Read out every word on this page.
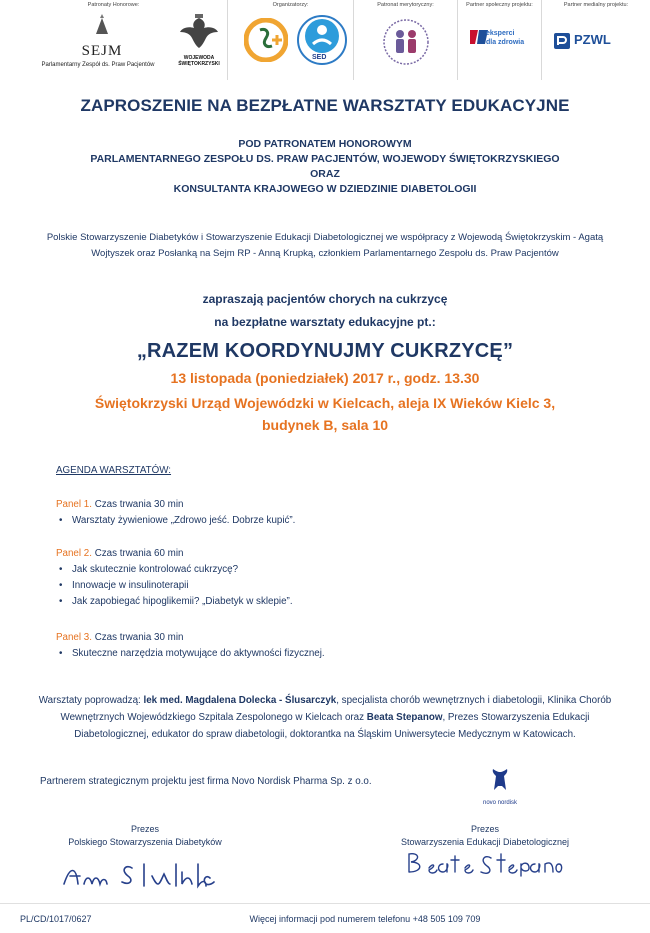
Patronaty Honorowe:
SEJM

Parlamentarny Zespół ds. Praw Pacjentów
WOJEWODA
ŚWIĘTOKRZYSKI
Organizatorzy:
SED
Patronat merytoryczny:	Partner społeczny projektu:
eksperci
dla zdrowia
Partner medialny projektu:
PZWL
ZAPROSZENIE NA BEZPŁATNE WARSZTATY EDUKACYJNE
POD PATRONATEM HONOROWYM
PARLAMENTARNEGO ZESPOŁU DS. PRAW PACJENTÓW, WOJEWODY ŚWIĘTOKRZYSKIEGO
ORAZ
KONSULTANTA KRAJOWEGO W DZIEDZINIE DIABETOLOGII
Polskie Stowarzyszenie Diabetyków i Stowarzyszenie Edukacji Diabetologicznej we współpracy z Wojewodą Świętokrzyskim - Agatą Wojtyszek oraz Posłanką na Sejm RP - Anną Krupką, członkiem Parlamentarnego Zespołu ds. Praw Pacjentów
zapraszają pacjentów chorych na cukrzycę
na bezpłatne warsztaty edukacyjne pt.:
„RAZEM KOORDYNUJMY CUKRZYCĘ”
13 listopada (poniedziałek) 2017 r., godz. 13.30
Świętokrzyski Urząd Wojewódzki w Kielcach, aleja IX Wieków Kielc 3,
budynek B, sala 10
AGENDA WARSZTATÓW:
Panel 1. Czas trwania 30 min
• Warsztaty żywieniowe „Zdrowo jeść. Dobrze kupić”.
Panel 2. Czas trwania 60 min
• Jak skutecznie kontrolować cukrzycę?
• Innowacje w insulinoterapii
• Jak zapobiegać hipoglikemii? „Diabetyk w sklepie”.
Panel 3. Czas trwania 30 min
• Skuteczne narzędzia motywujące do aktywności fizycznej.
Warsztaty poprowadzą: lek med. Magdalena Dolecka - Ślusarczyk, specjalista chorób wewnętrznych i diabetologii, Klinika Chorób Wewnętrznych Wojewódzkiego Szpitala Zespolonego w Kielcach oraz Beata Stepanow, Prezes Stowarzyszenia Edukacji Diabetologicznej, edukator do spraw diabetologii, doktorantka na Śląskim Uniwersytecie Medycznym w Katowicach.
Partnerem strategicznym projektu jest firma Novo Nordisk Pharma Sp. z o.o.
novo nordisk
Prezes
Polskiego Stowarzyszenia Diabetyków
Prezes
Stowarzyszenia Edukacji Diabetologicznej
PL/CD/1017/0627	Więcej informacji pod numerem telefonu +48 505 109 709
